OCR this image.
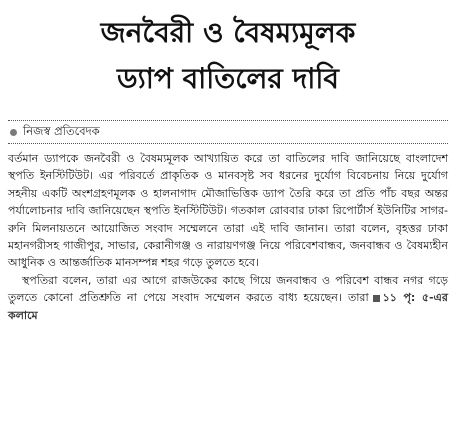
জনবৈরী ও বৈষম্যমূলক
ড্যাপ বাতিলের দাবি
নিজস্ব প্রতিবেদক

বর্তমান ড্যাপকে জনবৈরী ও বৈষম্যমূলক আখ্যায়িত করে তা বাতিলের দাবি জানিয়েছে বাংলাদেশ স্থপতি ইনস্টিটিউট। এর পরিবর্তে প্রাকৃতিক ও মানবসৃষ্ট সব ধরনের দুর্যোগ বিবেচনায় নিয়ে দুর্যোগ সহনীয় একটি অংশগ্রহণমূলক ও হালনাগাদ মৌজাভিত্তিক ড্যাপ তৈরি করে তা প্রতি পাঁচ বছর অন্তর পর্যালোচনার দাবি জানিয়েছেন স্থপতি ইনস্টিটিউট। গতকাল রোববার ঢাকা রিপোর্টার্স ইউনিটির সাগর-রুনি মিলনায়তনে আয়োজিত সংবাদ সম্মেলনে তারা এই দাবি জানান। তারা বলেন, বৃহত্তর ঢাকা মহানগরীসহ গাজীপুর, সাভার, কেরানীগঞ্জ ও নারায়ণগঞ্জ নিয়ে পরিবেশবান্ধব, জনবান্ধব ও বৈষম্যহীন আধুনিক ও আন্তর্জাতিক মানসম্পন্ন শহর গড়ে তুলতে হবে।

স্থপতিরা বলেন, তারা এর আগে রাজউকের কাছে গিয়ে জনবান্ধব ও পরিবেশ বান্ধব নগর গড়ে তুলতে কোনো প্রতিশ্রুতি না পেয়ে সংবাদ সম্মেলন করতে বাধ্য হয়েছেন। তারা ১১ পৃ: ৫-এর কলামে
